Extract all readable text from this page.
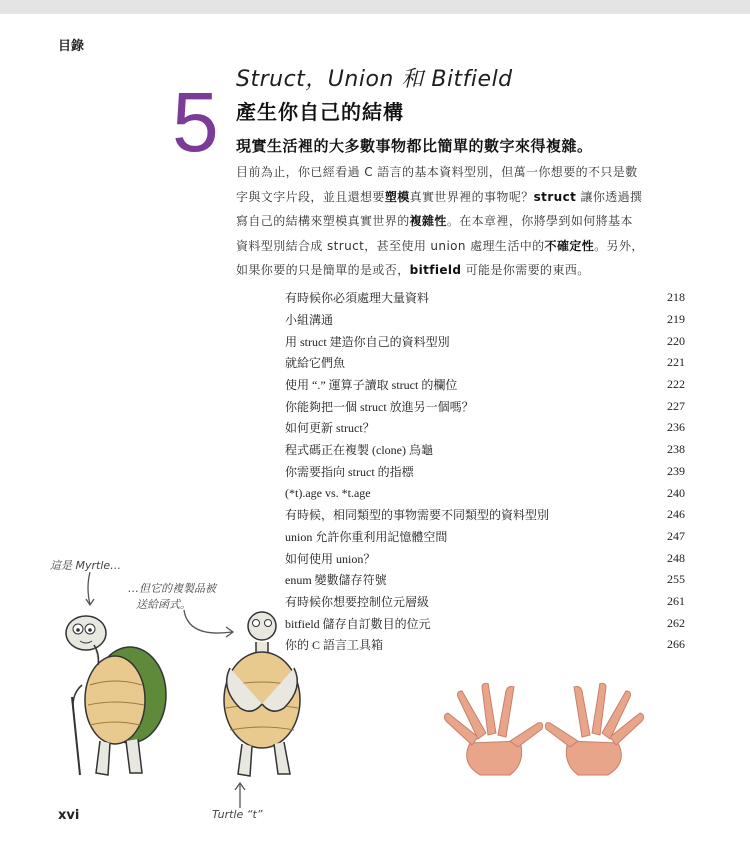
目錄
5 Struct，Union 和 Bitfield
產生你自己的結構
現實生活裡的大多數事物都比簡單的數字來得複雜。
目前為止，你已經看過 C 語言的基本資料型別，但萬一你想要的不只是數
字與文字片段，並且還想要塑模真實世界裡的事物呢？struct 讓你透過撰
寫自己的結構來塑模真實世界的複雜性。在本章裡，你將學到如何將基本
資料型別結合成 struct，甚至使用 union 處理生活中的不確定性。另外，
如果你要的只是簡單的是或否，bitfield 可能是你需要的東西。
有時候你必須處理大量資料	218
小組溝通	219
用 struct 建造你自己的資料型別	220
就給它們魚	221
使用 “.” 運算子讀取 struct 的欄位	222
你能夠把一個 struct 放進另一個嗎？	227
如何更新 struct？	236
程式碼正在複製 (clone) 烏龜	238
你需要指向 struct 的指標	239
(*t).age vs. *t.age	240
有時候，相同類型的事物需要不同類型的資料型別	246
union 允許你重利用記憶體空間	247
如何使用 union？	248
enum 變數儲存符號	255
有時候你想要控制位元層級	261
bitfield 儲存自訂數目的位元	262
你的 C 語言工具箱	266
這是 Myrtle…
…但它的複製品被
送給函式。
Turtle “t”
xvi
